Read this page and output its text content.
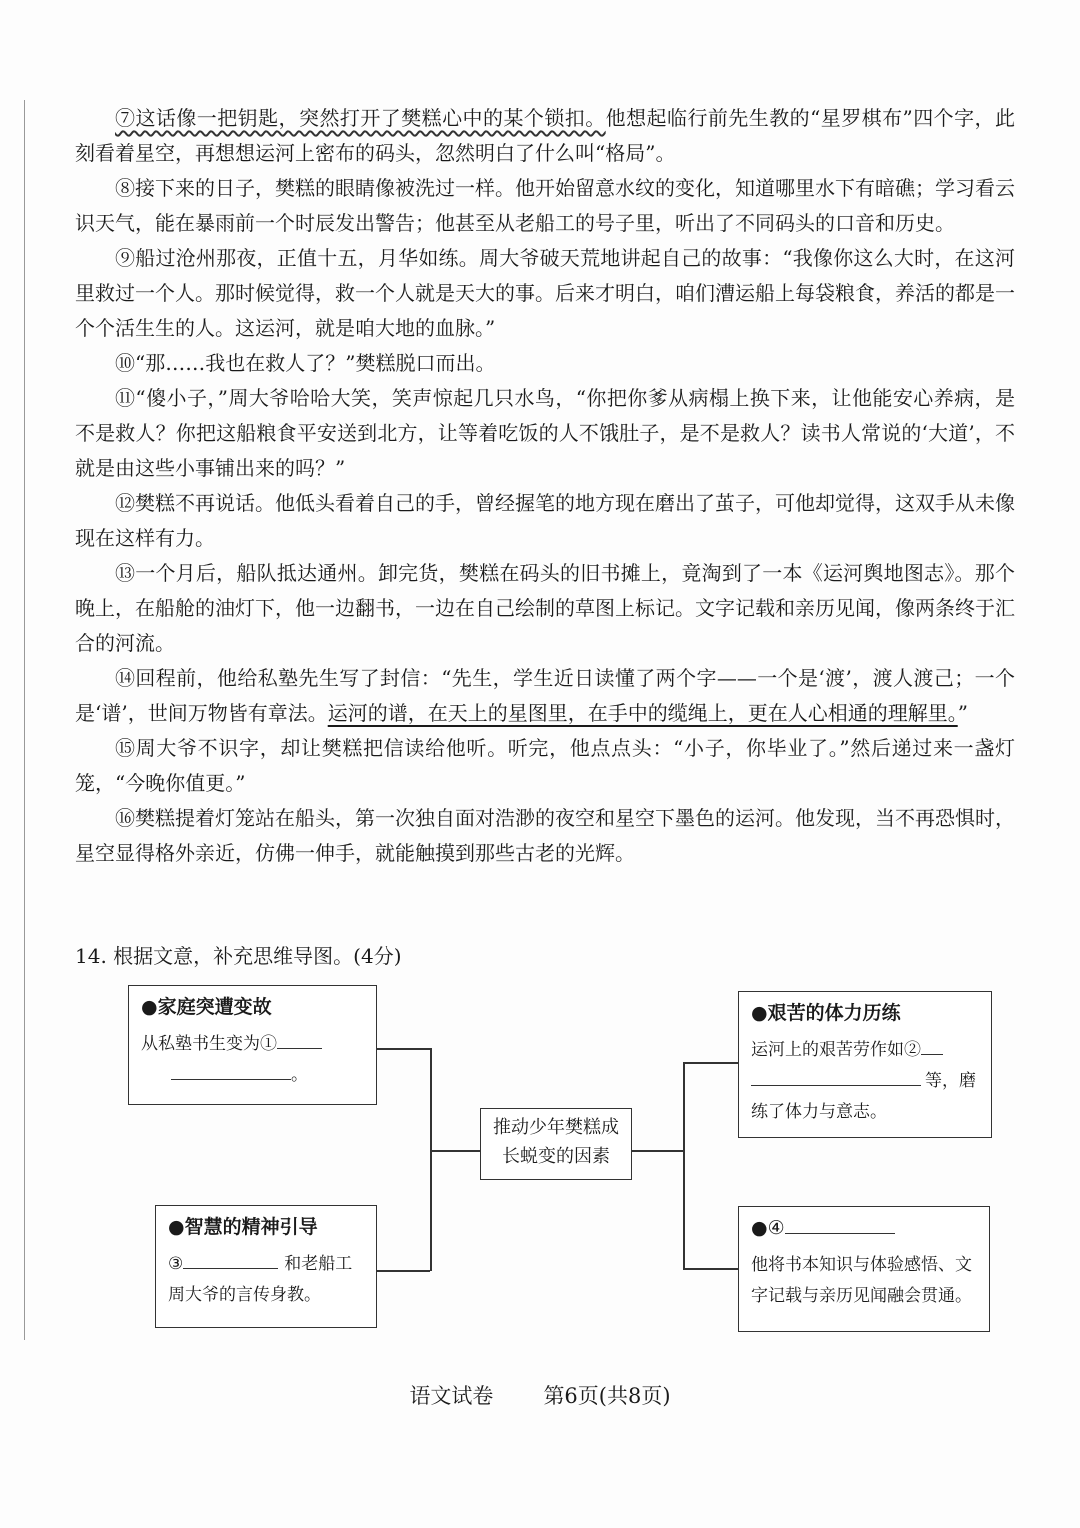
⑦这话像一把钥匙，突然打开了樊糕心中的某个锁扣。他想起临行前先生教的“星罗棋布”四个字，此刻看着星空，再想想运河上密布的码头，忽然明白了什么叫“格局”。

⑧接下来的日子，樊糕的眼睛像被洗过一样。他开始留意水纹的变化，知道哪里水下有暗礁；学习看云识天气，能在暴雨前一个时辰发出警告；他甚至从老船工的号子里，听出了不同码头的口音和历史。

⑨船过沧州那夜，正值十五，月华如练。周大爷破天荒地讲起自己的故事：“我像你这么大时，在这河里救过一个人。那时候觉得，救一个人就是天大的事。后来才明白，咱们漕运船上每袋粮食，养活的都是一个个活生生的人。这运河，就是咱大地的血脉。”

⑩“那……我也在救人了？”樊糕脱口而出。

⑪“傻小子，”周大爷哈哈大笑，笑声惊起几只水鸟，“你把你爹从病榻上换下来，让他能安心养病，是不是救人？你把这船粮食平安送到北方，让等着吃饭的人不饿肚子，是不是救人？读书人常说的‘大道’，不就是由这些小事铺出来的吗？”

⑫樊糕不再说话。他低头看着自己的手，曾经握笔的地方现在磨出了茧子，可他却觉得，这双手从未像现在这样有力。

⑬一个月后，船队抵达通州。卸完货，樊糕在码头的旧书摊上，竟淘到了一本《运河舆地图志》。那个晚上，在船舱的油灯下，他一边翻书，一边在自己绘制的草图上标记。文字记载和亲历见闻，像两条终于汇合的河流。

⑭回程前，他给私塾先生写了封信：“先生，学生近日读懂了两个字——一个是‘渡’，渡人渡己；一个是‘谱’，世间万物皆有章法。运河的谱，在天上的星图里，在手中的缆绳上，更在人心相通的理解里。”

⑮周大爷不识字，却让樊糕把信读给他听。听完，他点点头：“小子，你毕业了。”然后递过来一盏灯笼，“今晚你值更。”

⑯樊糕提着灯笼站在船头，第一次独自面对浩渺的夜空和星空下墨色的运河。他发现，当不再恐惧时，星空显得格外亲近，仿佛一伸手，就能触摸到那些古老的光辉。

14. 根据文意，补充思维导图。(4分)
推动少年樊糕成长蜕变的因素
●家庭突遭变故
从私塾书生变为①
。
●智慧的精神引导
③	和老船工周大爷的言传身教。
●艰苦的体力历练
运河上的艰苦劳作如②等，磨练了体力与意志。
●④
他将书本知识与体验感悟、文字记载与亲历见闻融会贯通。
语文试卷 第6页(共8页)
